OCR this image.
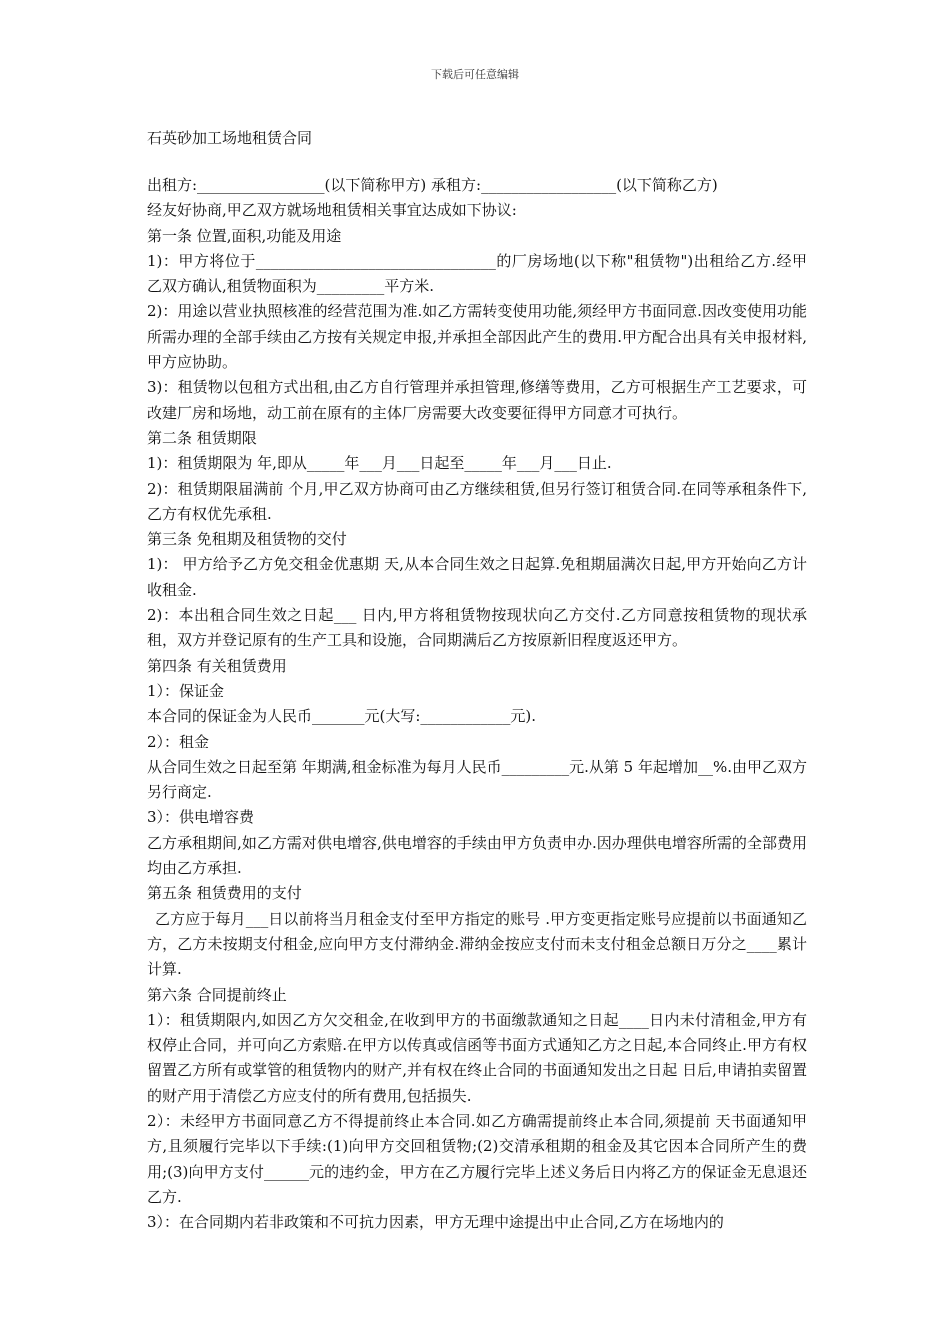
下载后可任意编辑
石英砂加工场地租赁合同

出租方:_________________(以下简称甲方) 承租方:__________________(以下简称乙方)

经友好协商,甲乙双方就场地租赁相关事宜达成如下协议:

第一条 位置,面积,功能及用途

1)：甲方将位于________________________________的厂房场地(以下称"租赁物")出租给乙方.经甲乙双方确认,租赁物面积为_________平方米.

2)：用途以营业执照核准的经营范围为准.如乙方需转变使用功能,须经甲方书面同意.因改变使用功能所需办理的全部手续由乙方按有关规定申报,并承担全部因此产生的费用.甲方配合出具有关申报材料,甲方应协助。

3)：租赁物以包租方式出租,由乙方自行管理并承担管理,修缮等费用，乙方可根据生产工艺要求，可改建厂房和场地，动工前在原有的主体厂房需要大改变要征得甲方同意才可执行。

第二条 租赁期限

1)：租赁期限为 年,即从_____年___月___日起至_____年___月___日止.

2)：租赁期限届满前 个月,甲乙双方协商可由乙方继续租赁,但另行签订租赁合同.在同等承租条件下,乙方有权优先承租.

第三条 免租期及租赁物的交付

1)： 甲方给予乙方免交租金优惠期 天,从本合同生效之日起算.免租期届满次日起,甲方开始向乙方计收租金.

2)：本出租合同生效之日起___ 日内,甲方将租赁物按现状向乙方交付.乙方同意按租赁物的现状承租，双方并登记原有的生产工具和设施，合同期满后乙方按原新旧程度返还甲方。

第四条 有关租赁费用

1）：保证金

本合同的保证金为人民币_______元(大写:____________元).

2）：租金

从合同生效之日起至第 年期满,租金标准为每月人民币_________元.从第 5 年起增加__%.由甲乙双方另行商定.

3）：供电增容费

乙方承租期间,如乙方需对供电增容,供电增容的手续由甲方负责申办.因办理供电增容所需的全部费用均由乙方承担.

第五条 租赁费用的支付

乙方应于每月___日以前将当月租金支付至甲方指定的账号 .甲方变更指定账号应提前以书面通知乙方，乙方未按期支付租金,应向甲方支付滞纳金.滞纳金按应支付而未支付租金总额日万分之____累计计算.

第六条 合同提前终止

1）：租赁期限内,如因乙方欠交租金,在收到甲方的书面缴款通知之日起____日内未付清租金,甲方有权停止合同，并可向乙方索赔.在甲方以传真或信函等书面方式通知乙方之日起,本合同终止.甲方有权留置乙方所有或掌管的租赁物内的财产,并有权在终止合同的书面通知发出之日起 日后,申请拍卖留置的财产用于清偿乙方应支付的所有费用,包括损失.

2）：未经甲方书面同意乙方不得提前终止本合同.如乙方确需提前终止本合同,须提前 天书面通知甲方,且须履行完毕以下手续:(1)向甲方交回租赁物;(2)交清承租期的租金及其它因本合同所产生的费用;(3)向甲方支付______元的违约金，甲方在乙方履行完毕上述义务后日内将乙方的保证金无息退还乙方.

3）：在合同期内若非政策和不可抗力因素，甲方无理中途提出中止合同,乙方在场地内的
